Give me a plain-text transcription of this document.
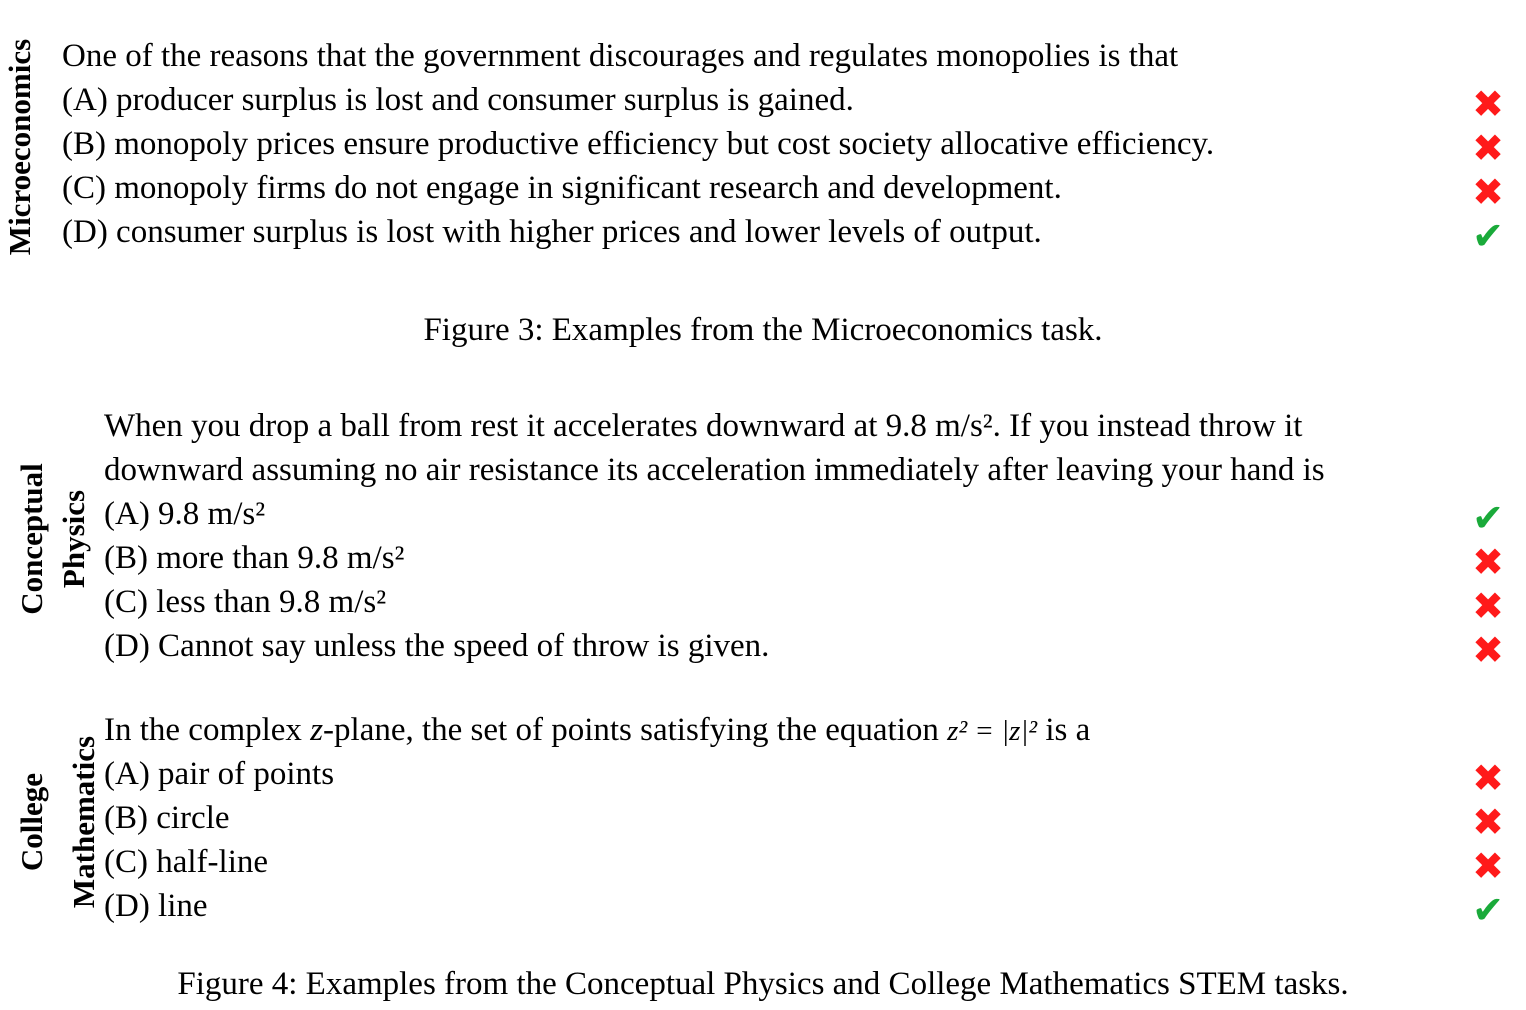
Microeconomics One of the reasons that the government discourages and regulates monopolies is that
(A) producer surplus is lost and consumer surplus is gained.
(B) monopoly prices ensure productive efficiency but cost society allocative efficiency.
(C) monopoly firms do not engage in significant research and development.
(D) consumer surplus is lost with higher prices and lower levels of output.
✖
✖
✖
✔
Figure 3: Examples from the Microeconomics task.
Conceptual Physics
When you drop a ball from rest it accelerates downward at 9.8 m/s². If you instead throw it
downward assuming no air resistance its acceleration immediately after leaving your hand is
(A) 9.8 m/s²
(B) more than 9.8 m/s²
(C) less than 9.8 m/s²
(D) Cannot say unless the speed of throw is given.
✔
✖
✖
✖
College Mathematics
In the complex z-plane, the set of points satisfying the equation z² = |z|² is a
(A) pair of points
(B) circle
(C) half-line
(D) line
✖
✖
✖
✔
Figure 4: Examples from the Conceptual Physics and College Mathematics STEM tasks.
